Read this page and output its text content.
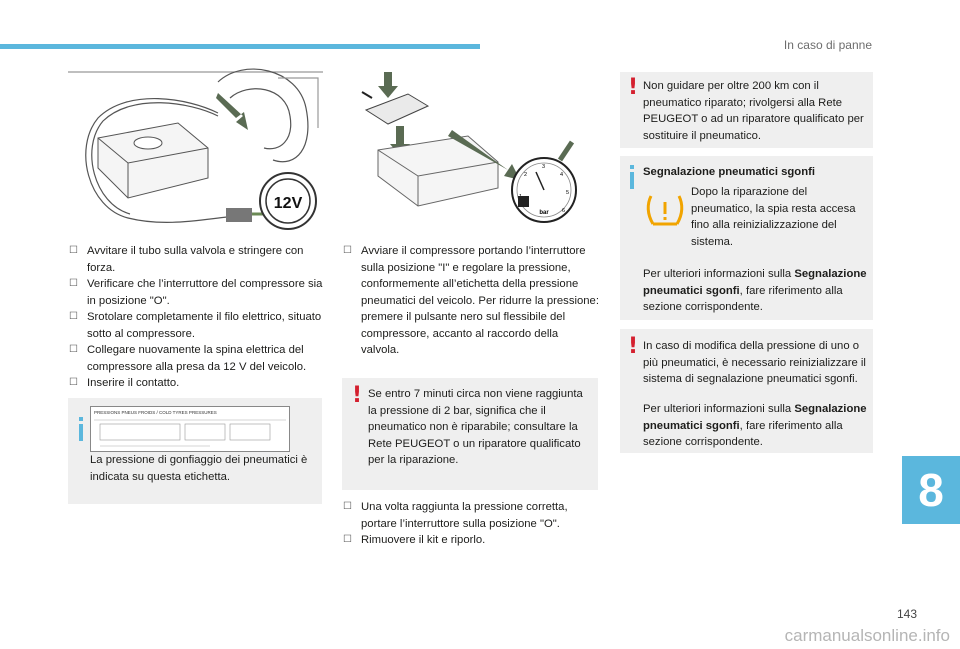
In caso di panne
12V
☐ Avvitare il tubo sulla valvola e stringere con forza.
☐ Verificare che l’interruttore del compressore sia in posizione "O".
☐ Srotolare completamente il filo elettrico, situato sotto al compressore.
☐ Collegare nuovamente la spina elettrica del compressore alla presa da 12 V del veicolo.
☐ Inserire il contatto.
PRESSIONS PNEUS FROIDS / COLD TYRES PRESSURES
La pressione di gonfiaggio dei pneumatici è indicata su questa etichetta.
2
3
4
5
6
bar
☐ Avviare il compressore portando l’interruttore sulla posizione "I" e regolare la pressione, conformemente all’etichetta della pressione pneumatici del veicolo. Per ridurre la pressione: premere il pulsante nero sul flessibile del compressore, accanto al raccordo della valvola.
! Se entro 7 minuti circa non viene raggiunta la pressione di 2 bar, significa che il pneumatico non è riparabile; consultare la Rete PEUGEOT o un riparatore qualificato per la riparazione.
☐ Una volta raggiunta la pressione corretta, portare l’interruttore sulla posizione "O".
☐ Rimuovere il kit e riporlo.
! Non guidare per oltre 200 km con il pneumatico riparato; rivolgersi alla Rete PEUGEOT o ad un riparatore qualificato per sostituire il pneumatico.
Segnalazione pneumatici sgonfi
Dopo la riparazione del pneumatico, la spia resta accesa fino alla reinizializzazione del sistema.
Per ulteriori informazioni sulla Segnalazione pneumatici sgonfi, fare riferimento alla sezione corrispondente.
! In caso di modifica della pressione di uno o più pneumatici, è necessario reinizializzare il sistema di segnalazione pneumatici sgonfi.
Per ulteriori informazioni sulla Segnalazione pneumatici sgonfi, fare riferimento alla sezione corrispondente.
8
143
carmanualsonline.info
